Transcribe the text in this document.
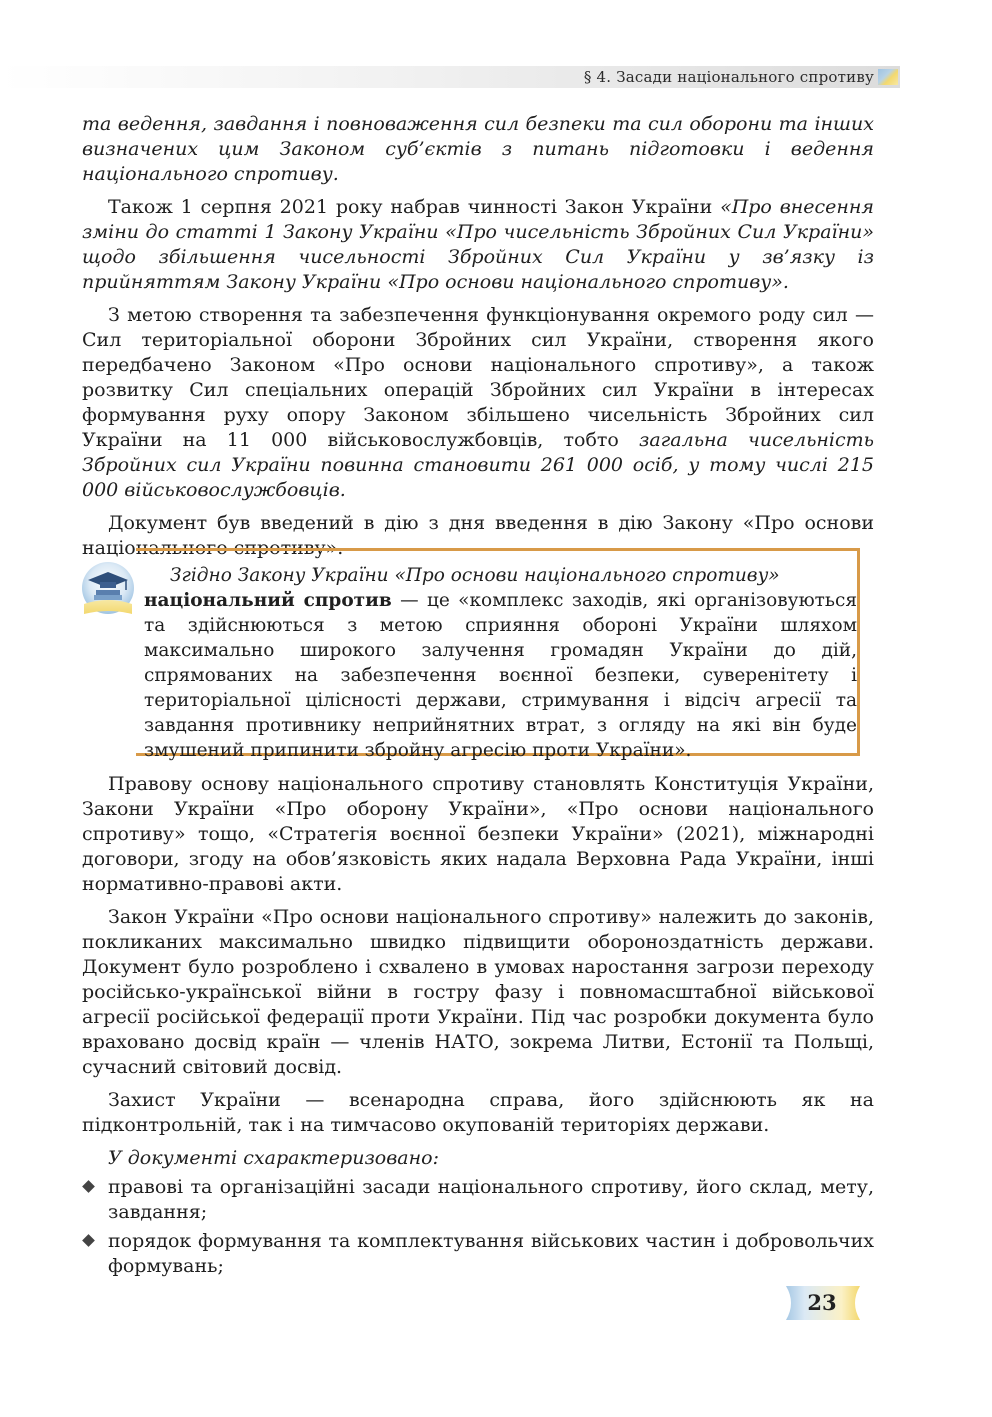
§ 4. Засади національного спротиву

та ведення, завдання і повноваження сил безпеки та сил оборони та інших визначених цим Законом суб’єктів з питань підготовки і ведення національного спротиву.

Також 1 серпня 2021 року набрав чинності Закон України «Про внесення зміни до статті 1 Закону України «Про чисельність Збройних Сил України» щодо збільшення чисельності Збройних Сил України у зв’язку із прийняттям Закону України «Про основи національного спротиву».

З метою створення та забезпечення функціонування окремого роду сил — Сил територіальної оборони Збройних сил України, створення якого передбачено Законом «Про основи національного спротиву», а також розвитку Сил спеціальних операцій Збройних сил України в інтересах формування руху опору Законом збільшено чисельність Збройних сил України на 11 000 військовослужбовців, тобто загальна чисельність Збройних сил України повинна становити 261 000 осіб, у тому числі 215 000 військовослужбовців.

Документ був введений в дію з дня введення в дію Закону «Про основи національного спротиву».

Згідно Закону України «Про основи національного спротиву»

національний спротив — це «комплекс заходів, які організовуються та здійснюються з метою сприяння обороні України шляхом максимально широкого залучення громадян України до дій, спрямованих на забезпечення воєнної безпеки, суверенітету і територіальної цілісності держави, стримування і відсіч агресії та завдання противнику неприйнятних втрат, з огляду на які він буде змушений припинити збройну агресію проти України».

Правову основу національного спротиву становлять Конституція України, Закони України «Про оборону України», «Про основи національного спротиву» тощо, «Стратегія воєнної безпеки України» (2021), міжнародні договори, згоду на обов’язковість яких надала Верховна Рада України, інші нормативно-правові акти.

Закон України «Про основи національного спротиву» належить до законів, покликаних максимально швидко підвищити обороноздатність держави. Документ було розроблено і схвалено в умовах наростання загрози переходу російсько-української війни в гостру фазу і повномасштабної військової агресії російської федерації проти України. Під час розробки документа було враховано досвід країн — членів НАТО, зокрема Литви, Естонії та Польщі, сучасний світовий досвід.

Захист України — всенародна справа, його здійснюють як на підконтрольній, так і на тимчасово окупованій територіях держави.

У документі схарактеризовано:

правові та організаційні засади національного спротиву, його склад, мету, завдання;
порядок формування та комплектування військових частин і добровольчих формувань;
23
